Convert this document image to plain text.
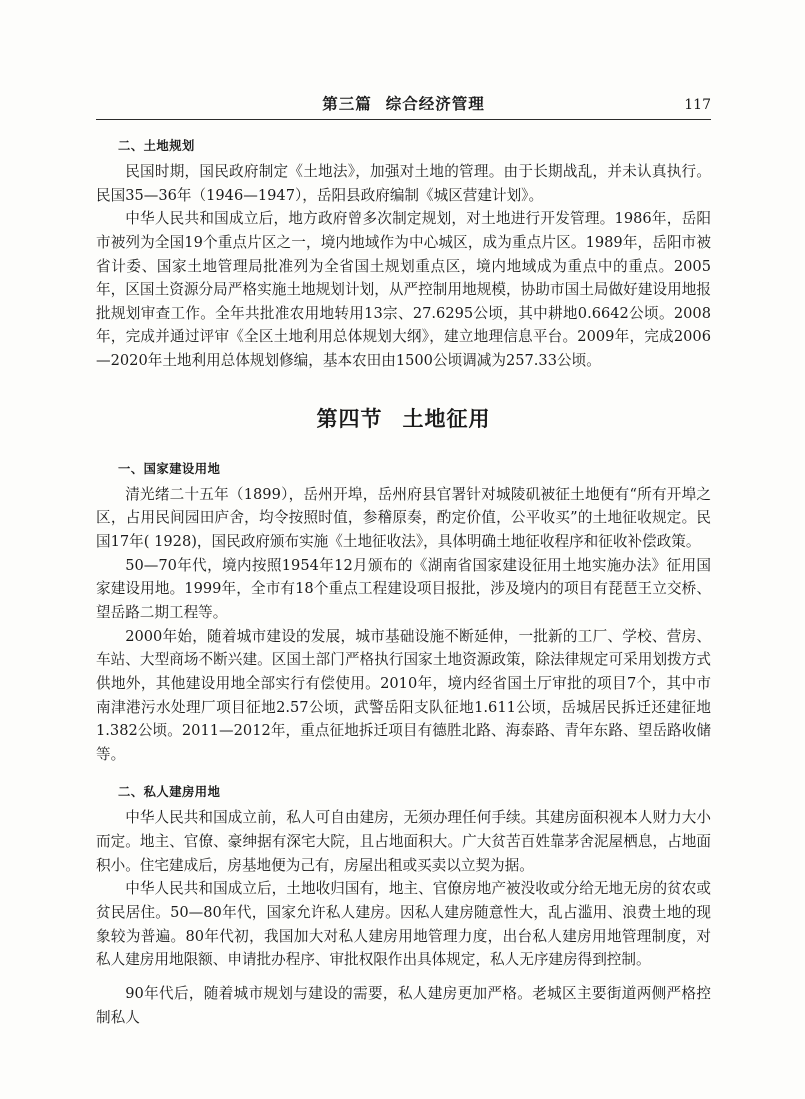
第三篇 综合经济管理	117
二、土地规划

民国时期，国民政府制定《土地法》，加强对土地的管理。由于长期战乱，并未认真执行。民国35—36年（1946—1947），岳阳县政府编制《城区营建计划》。

中华人民共和国成立后，地方政府曾多次制定规划，对土地进行开发管理。1986年，岳阳市被列为全国19个重点片区之一，境内地域作为中心城区，成为重点片区。1989年，岳阳市被省计委、国家土地管理局批准列为全省国土规划重点区，境内地域成为重点中的重点。2005年，区国土资源分局严格实施土地规划计划，从严控制用地规模，协助市国土局做好建设用地报批规划审查工作。全年共批准农用地转用13宗、27.6295公顷，其中耕地0.6642公顷。2008年，完成并通过评审《全区土地利用总体规划大纲》，建立地理信息平台。2009年，完成2006—2020年土地利用总体规划修编，基本农田由1500公顷调减为257.33公顷。

第四节 土地征用
一、国家建设用地

清光绪二十五年（1899），岳州开埠，岳州府县官署针对城陵矶被征土地便有“所有开埠之区，占用民间园田庐舍，均令按照时值，参稽原奏，酌定价值，公平收买”的土地征收规定。民国17年( 1928)，国民政府颁布实施《土地征收法》，具体明确土地征收程序和征收补偿政策。

50—70年代，境内按照1954年12月颁布的《湖南省国家建设征用土地实施办法》征用国家建设用地。1999年，全市有18个重点工程建设项目报批，涉及境内的项目有琵琶王立交桥、望岳路二期工程等。

2000年始，随着城市建设的发展，城市基础设施不断延伸，一批新的工厂、学校、营房、车站、大型商场不断兴建。区国土部门严格执行国家土地资源政策，除法律规定可采用划拨方式供地外，其他建设用地全部实行有偿使用。2010年，境内经省国土厅审批的项目7个，其中市南津港污水处理厂项目征地2.57公顷，武警岳阳支队征地1.611公顷，岳城居民拆迁还建征地1.382公顷。2011—2012年，重点征地拆迁项目有德胜北路、海泰路、青年东路、望岳路收储等。

二、私人建房用地

中华人民共和国成立前，私人可自由建房，无须办理任何手续。其建房面积视本人财力大小而定。地主、官僚、豪绅据有深宅大院，且占地面积大。广大贫苦百姓靠茅舍泥屋栖息，占地面积小。住宅建成后，房基地便为己有，房屋出租或买卖以立契为据。

中华人民共和国成立后，土地收归国有，地主、官僚房地产被没收或分给无地无房的贫农或贫民居住。50—80年代，国家允许私人建房。因私人建房随意性大，乱占滥用、浪费土地的现象较为普遍。80年代初，我国加大对私人建房用地管理力度，出台私人建房用地管理制度，对私人建房用地限额、申请批办程序、审批权限作出具体规定，私人无序建房得到控制。

90年代后，随着城市规划与建设的需要，私人建房更加严格。老城区主要街道两侧严格控制私人
